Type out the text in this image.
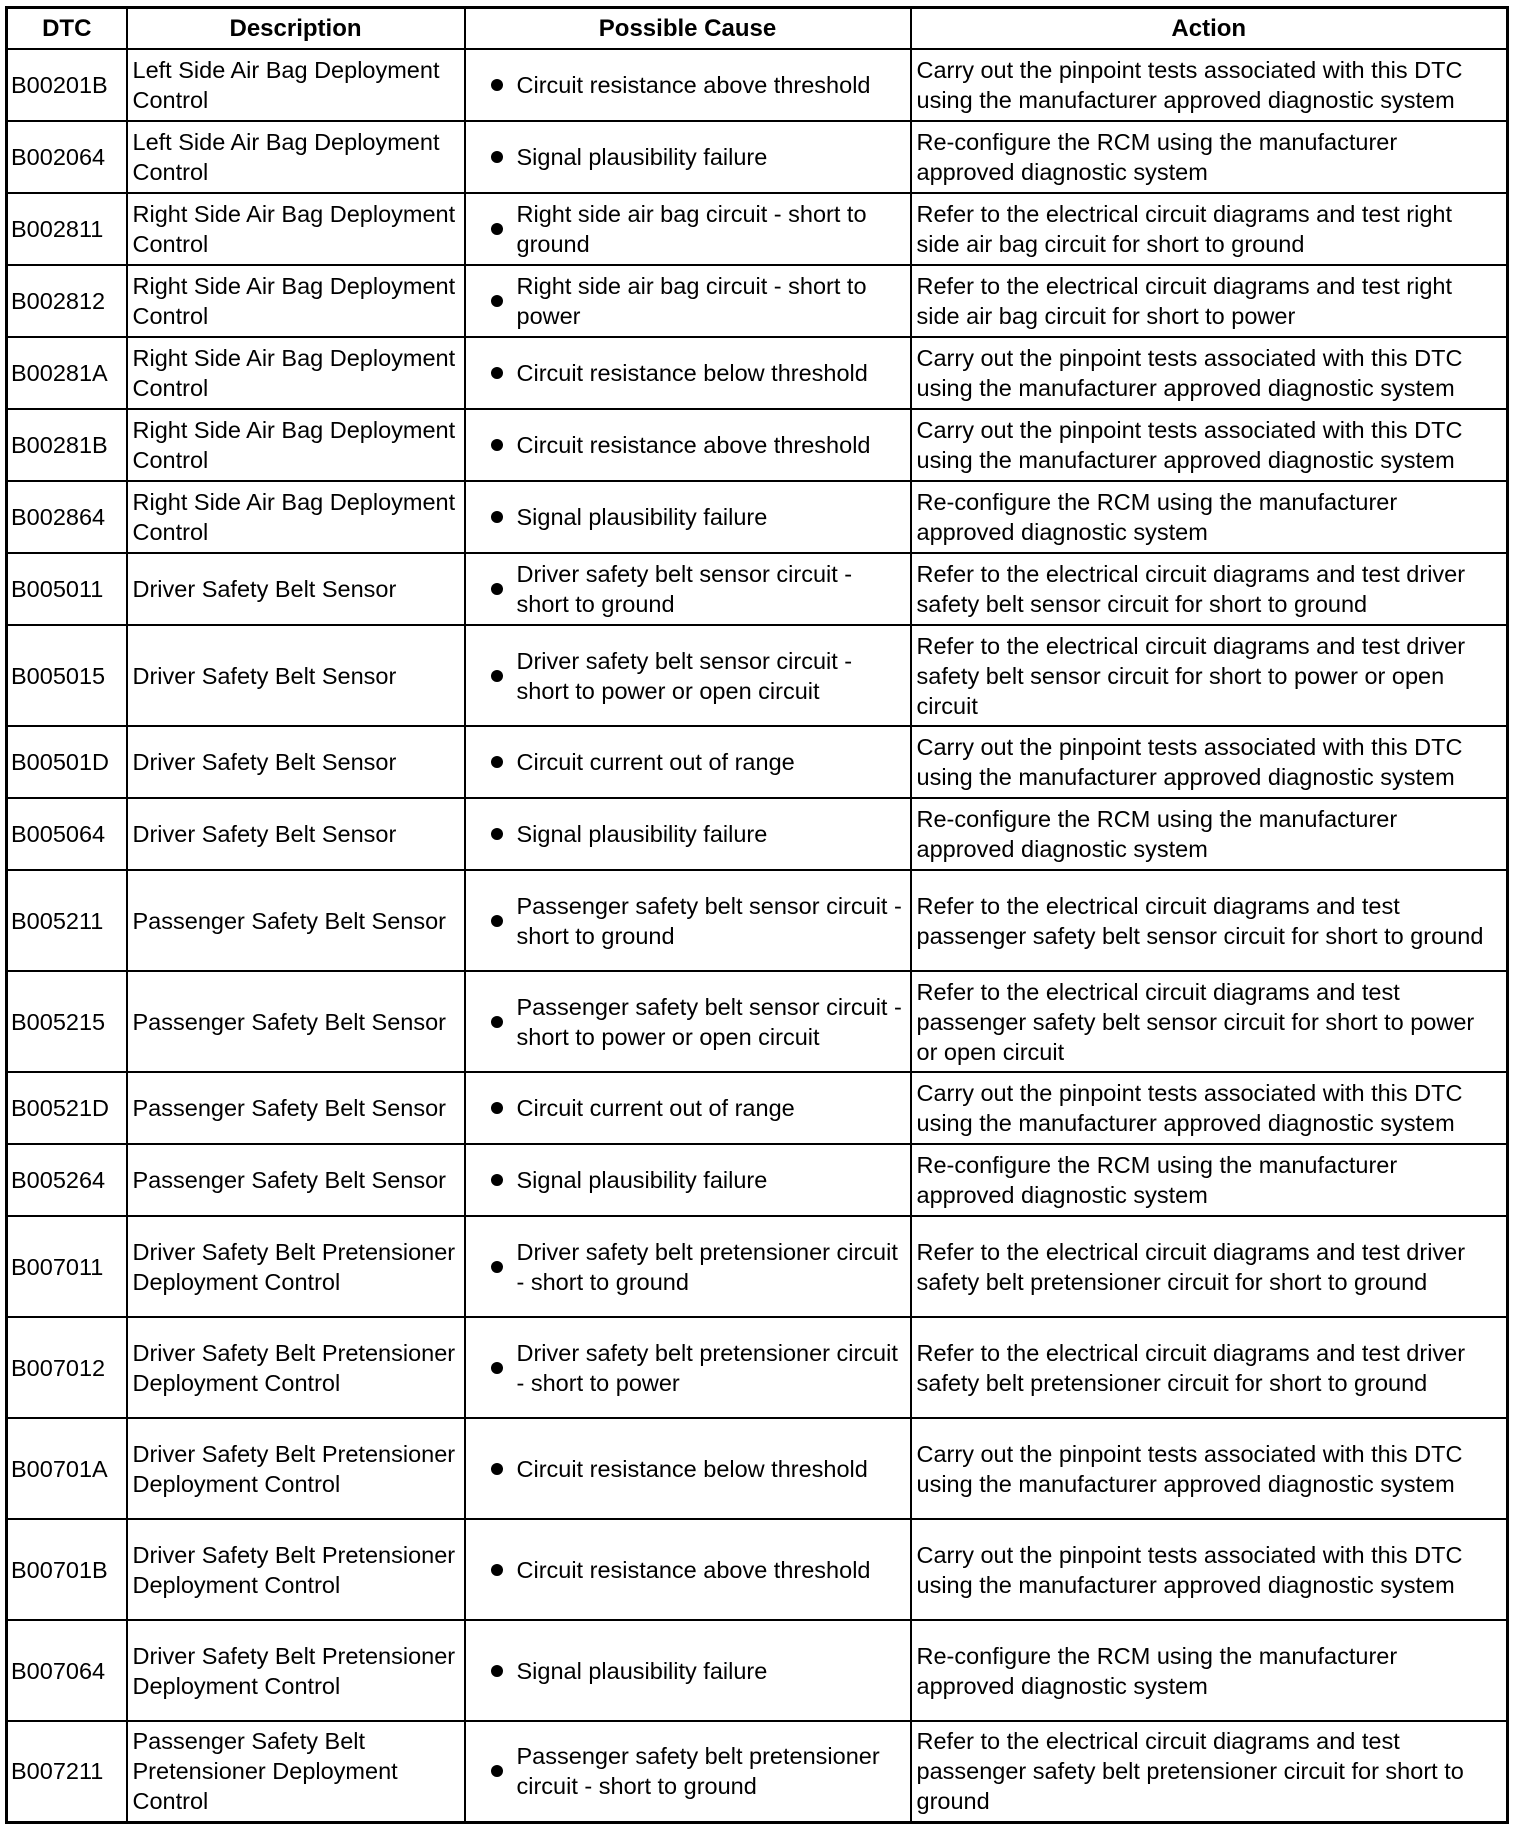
DTC	Description	Possible Cause	Action
B00201B	Left Side Air Bag Deployment Control	Circuit resistance above threshold	Carry out the pinpoint tests associated with this DTC using the manufacturer approved diagnostic system
B002064	Left Side Air Bag Deployment Control	Signal plausibility failure	Re-configure the RCM using the manufacturer approved diagnostic system
B002811	Right Side Air Bag Deployment Control	Right side air bag circuit - short to ground	Refer to the electrical circuit diagrams and test right side air bag circuit for short to ground
B002812	Right Side Air Bag Deployment Control	Right side air bag circuit - short to power	Refer to the electrical circuit diagrams and test right side air bag circuit for short to power
B00281A	Right Side Air Bag Deployment Control	Circuit resistance below threshold	Carry out the pinpoint tests associated with this DTC using the manufacturer approved diagnostic system
B00281B	Right Side Air Bag Deployment Control	Circuit resistance above threshold	Carry out the pinpoint tests associated with this DTC using the manufacturer approved diagnostic system
B002864	Right Side Air Bag Deployment Control	Signal plausibility failure	Re-configure the RCM using the manufacturer approved diagnostic system
B005011	Driver Safety Belt Sensor	Driver safety belt sensor circuit - short to ground	Refer to the electrical circuit diagrams and test driver safety belt sensor circuit for short to ground
B005015	Driver Safety Belt Sensor	Driver safety belt sensor circuit - short to power or open circuit	Refer to the electrical circuit diagrams and test driver safety belt sensor circuit for short to power or open circuit
B00501D	Driver Safety Belt Sensor	Circuit current out of range	Carry out the pinpoint tests associated with this DTC using the manufacturer approved diagnostic system
B005064	Driver Safety Belt Sensor	Signal plausibility failure	Re-configure the RCM using the manufacturer approved diagnostic system
B005211	Passenger Safety Belt Sensor	Passenger safety belt sensor circuit - short to ground	Refer to the electrical circuit diagrams and test passenger safety belt sensor circuit for short to ground
B005215	Passenger Safety Belt Sensor	Passenger safety belt sensor circuit - short to power or open circuit	Refer to the electrical circuit diagrams and test passenger safety belt sensor circuit for short to power or open circuit
B00521D	Passenger Safety Belt Sensor	Circuit current out of range	Carry out the pinpoint tests associated with this DTC using the manufacturer approved diagnostic system
B005264	Passenger Safety Belt Sensor	Signal plausibility failure	Re-configure the RCM using the manufacturer approved diagnostic system
B007011	Driver Safety Belt Pretensioner Deployment Control	Driver safety belt pretensioner circuit - short to ground	Refer to the electrical circuit diagrams and test driver safety belt pretensioner circuit for short to ground
B007012	Driver Safety Belt Pretensioner Deployment Control	Driver safety belt pretensioner circuit - short to power	Refer to the electrical circuit diagrams and test driver safety belt pretensioner circuit for short to ground
B00701A	Driver Safety Belt Pretensioner Deployment Control	Circuit resistance below threshold	Carry out the pinpoint tests associated with this DTC using the manufacturer approved diagnostic system
B00701B	Driver Safety Belt Pretensioner Deployment Control	Circuit resistance above threshold	Carry out the pinpoint tests associated with this DTC using the manufacturer approved diagnostic system
B007064	Driver Safety Belt Pretensioner Deployment Control	Signal plausibility failure	Re-configure the RCM using the manufacturer approved diagnostic system
B007211	Passenger Safety Belt Pretensioner Deployment Control	Passenger safety belt pretensioner circuit - short to ground	Refer to the electrical circuit diagrams and test passenger safety belt pretensioner circuit for short to ground
